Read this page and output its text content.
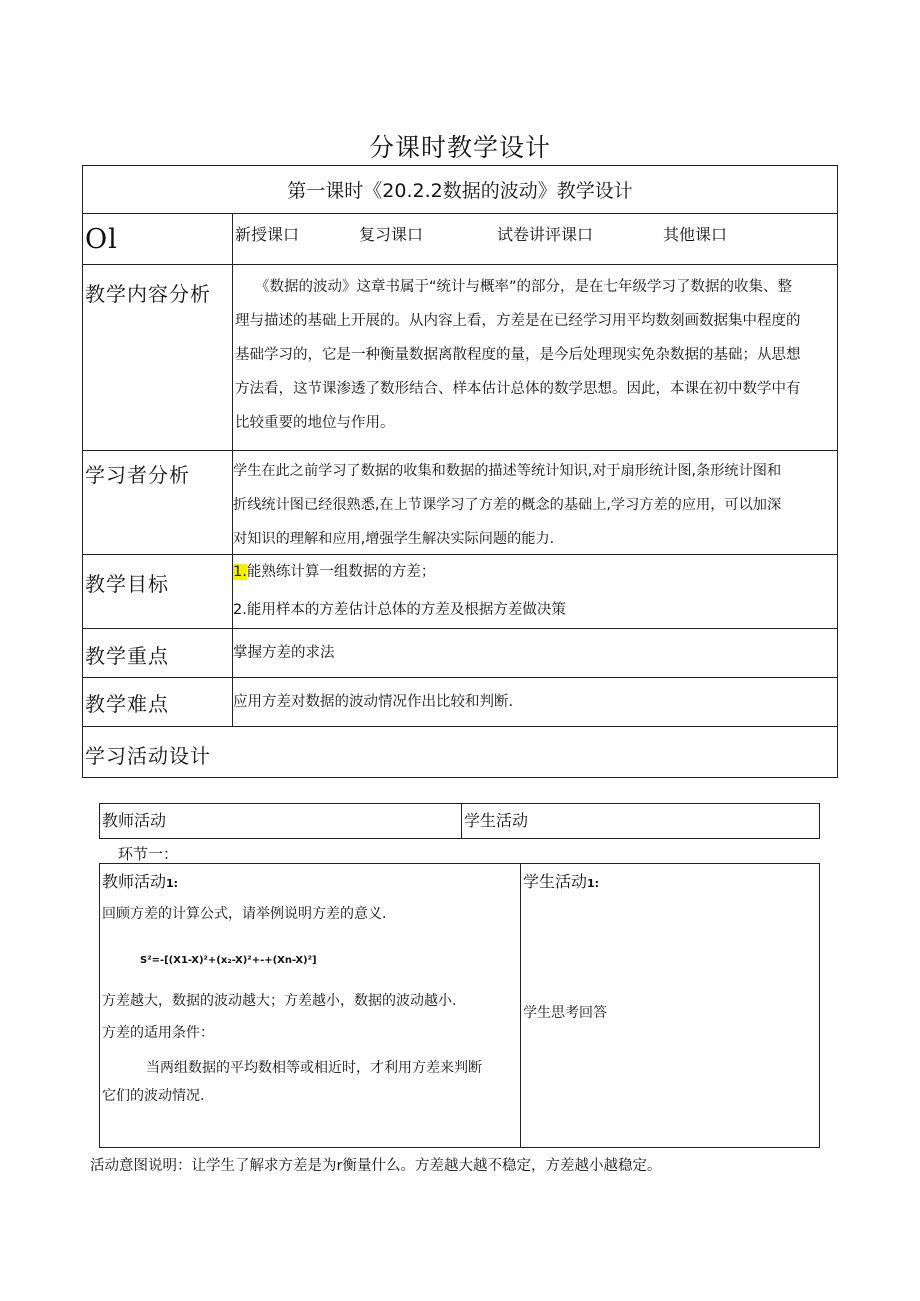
分课时教学设计
第一课时《20.2.2数据的波动》教学设计
Ol	新授课口	复习课口	试卷讲评课口	其他课口
教学内容分析	《数据的波动》这章书属于“统计与概率”的部分，是在七年级学习了数据的收集、整

理与描述的基础上开展的。从内容上看，方差是在已经学习用平均数刻画数据集中程度的

基础学习的，它是一种衡量数据离散程度的量，是今后处理现实免杂数据的基础；从思想

方法看，这节课渗透了数形结合、样本估计总体的数学思想。因此，本课在初中数学中有

比较重要的地位与作用。

学习者分析	学生在此之前学习了数据的收集和数据的描述等统计知识,对于扇形统计图,条形统计图和

折线统计图已经很熟悉,在上节课学习了方差的概念的基础上,学习方差的应用，可以加深

对知识的理解和应用,增强学生解决实际问题的能力.

教学目标	1.能熟练计算一组数据的方差；

2.能用样本的方差估计总体的方差及根据方差做决策

教学重点	掌握方差的求法
教学难点	应用方差对数据的波动情况作出比较和判断.
学习活动设计
教师活动	学生活动
环节一：
教师活动1:
回顾方差的计算公式，请举例说明方差的意义.
S²=-[(X1-X)²+(x₂-X)²+-+(Xn-X)²]
方差越大，数据的波动越大；方差越小，数据的波动越小.
方差的适用条件：
当两组数据的平均数相等或相近时，才利用方差来判断
它们的波动情况.
学生活动1:
学生思考回答
活动意图说明：让学生了解求方差是为r衡量什么。方差越大越不稳定，方差越小越稳定。
